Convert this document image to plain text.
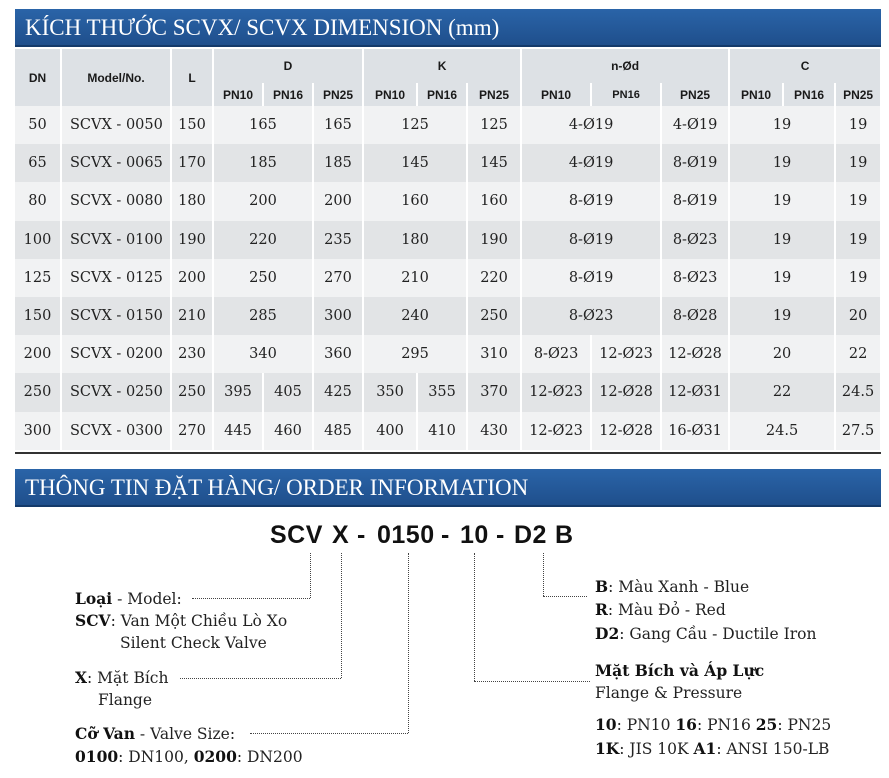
KÍCH THƯỚC SCVX/ SCVX DIMENSION (mm)
DN	Model/No.	L	D			K			n-Ød			C		
			PN10	PN16	PN25	PN10	PN16	PN25	PN10	PN16	PN25	PN10	PN16	PN25
50	SCVX - 0050	150	165		165	125		125	4-Ø19		4-Ø19	19		19
65	SCVX - 0065	170	185		185	145		145	4-Ø19		8-Ø19	19		19
80	SCVX - 0080	180	200		200	160		160	8-Ø19		8-Ø19	19		19
100	SCVX - 0100	190	220		235	180		190	8-Ø19		8-Ø23	19		19
125	SCVX - 0125	200	250		270	210		220	8-Ø19		8-Ø23	19		19
150	SCVX - 0150	210	285		300	240		250	8-Ø23		8-Ø28	19		20
200	SCVX - 0200	230	340		360	295		310	8-Ø23	12-Ø23	12-Ø28	20		22
250	SCVX - 0250	250	395	405	425	350	355	370	12-Ø23	12-Ø28	12-Ø31	22		24.5
300	SCVX - 0300	270	445	460	485	400	410	430	12-Ø23	12-Ø28	16-Ø31	24.5		27.5
THÔNG TIN ĐẶT HÀNG/ ORDER INFORMATION
SCV X - 0150 - 10 - D2 B
Loại - Model:
SCV: Van Một Chiều Lò Xo
Silent Check Valve
X: Mặt Bích
Flange
Cỡ Van - Valve Size:
0100: DN100, 0200: DN200
B: Màu Xanh - Blue
R: Màu Đỏ - Red
D2: Gang Cầu - Ductile Iron
Mặt Bích và Áp Lực
Flange & Pressure
10: PN10 16: PN16 25: PN25
1K: JIS 10K A1: ANSI 150-LB
